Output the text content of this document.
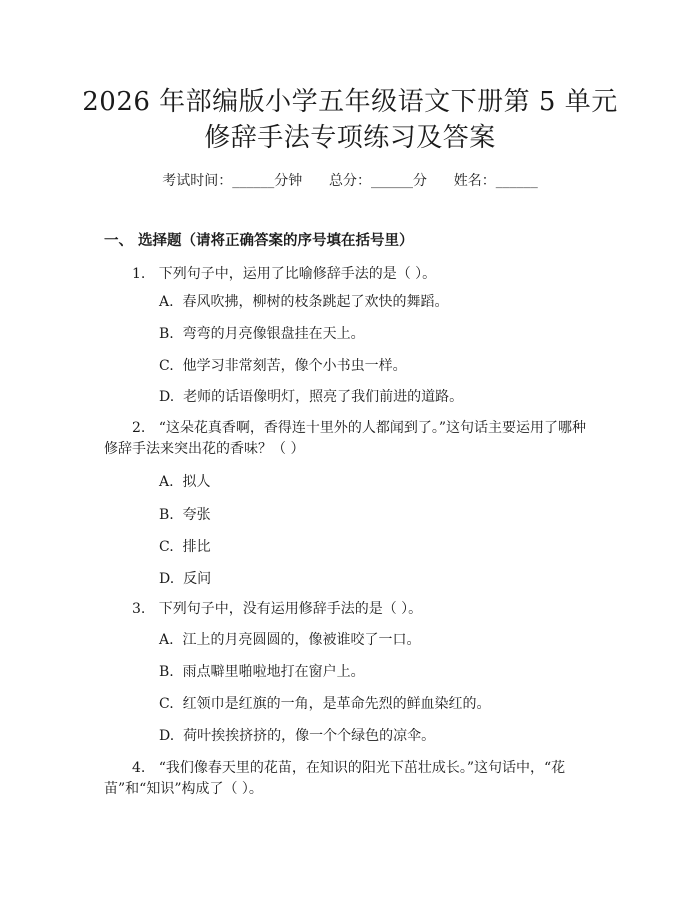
2026 年部编版小学五年级语文下册第 5 单元
修辞手法专项练习及答案
考试时间：______分钟      总分：______分      姓名：______
一、 选择题（请将正确答案的序号填在括号里）
1.   下列句子中，运用了比喻修辞手法的是（ ）。
A.  春风吹拂，柳树的枝条跳起了欢快的舞蹈。
B.  弯弯的月亮像银盘挂在天上。
C.  他学习非常刻苦，像个小书虫一样。
D.  老师的话语像明灯，照亮了我们前进的道路。
2.   “这朵花真香啊，香得连十里外的人都闻到了。”这句话主要运用了哪种
修辞手法来突出花的香味？（ ）
A.  拟人
B.  夸张
C.  排比
D.  反问
3.   下列句子中，没有运用修辞手法的是（ ）。
A.  江上的月亮圆圆的，像被谁咬了一口。
B.  雨点噼里啪啦地打在窗户上。
C.  红领巾是红旗的一角，是革命先烈的鲜血染红的。
D.  荷叶挨挨挤挤的，像一个个绿色的凉伞。
4.   “我们像春天里的花苗，在知识的阳光下茁壮成长。”这句话中，“花
苗”和“知识”构成了（ ）。
